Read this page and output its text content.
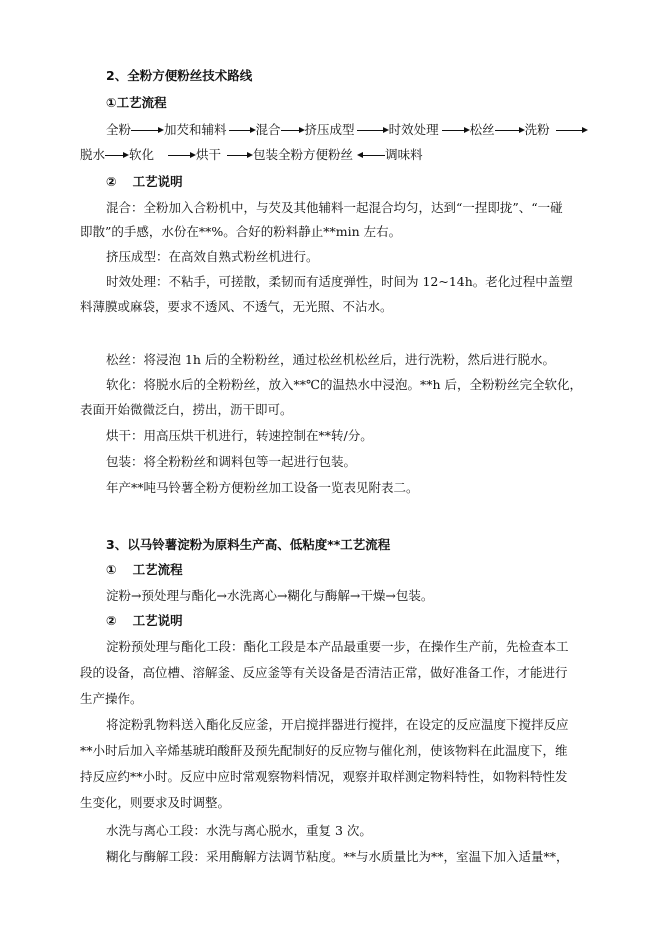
2、全粉方便粉丝技术路线
①工艺流程
全粉	加芡和辅料 混合 挤压成型	时效处理 松丝 洗粉
脱水 软化	烘干	包装全粉方便粉丝	调味料
② 工艺说明
混合：全粉加入合粉机中，与芡及其他辅料一起混合均匀，达到“一捏即拢”、“一碰
即散”的手感，水份在**%。合好的粉料静止**min 左右。
挤压成型：在高效自熟式粉丝机进行。
时效处理：不粘手，可搓散，柔韧而有适度弹性，时间为 12~14h。老化过程中盖塑
料薄膜或麻袋，要求不透风、不透气，无光照、不沾水。
松丝：将浸泡 1h 后的全粉粉丝，通过松丝机松丝后，进行洗粉，然后进行脱水。
软化：将脱水后的全粉粉丝，放入**℃的温热水中浸泡。**h 后，全粉粉丝完全软化，
表面开始微微泛白，捞出，沥干即可。
烘干：用高压烘干机进行，转速控制在**转/分。
包装：将全粉粉丝和调料包等一起进行包装。
年产**吨马铃薯全粉方便粉丝加工设备一览表见附表二。
3、以马铃薯淀粉为原料生产高、低粘度**工艺流程
① 工艺流程
淀粉→预处理与酯化→水洗离心→糊化与酶解→干燥→包装。
② 工艺说明
淀粉预处理与酯化工段：酯化工段是本产品最重要一步，在操作生产前，先检查本工
段的设备，高位槽、溶解釜、反应釜等有关设备是否清洁正常，做好准备工作，才能进行
生产操作。
将淀粉乳物料送入酯化反应釜，开启搅拌器进行搅拌，在设定的反应温度下搅拌反应
**小时后加入辛烯基琥珀酸酐及预先配制好的反应物与催化剂，使该物料在此温度下，维
持反应约**小时。反应中应时常观察物料情况，观察并取样测定物料特性，如物料特性发
生变化，则要求及时调整。
水洗与离心工段：水洗与离心脱水，重复 3 次。
糊化与酶解工段：采用酶解方法调节粘度。**与水质量比为**，室温下加入适量**，
